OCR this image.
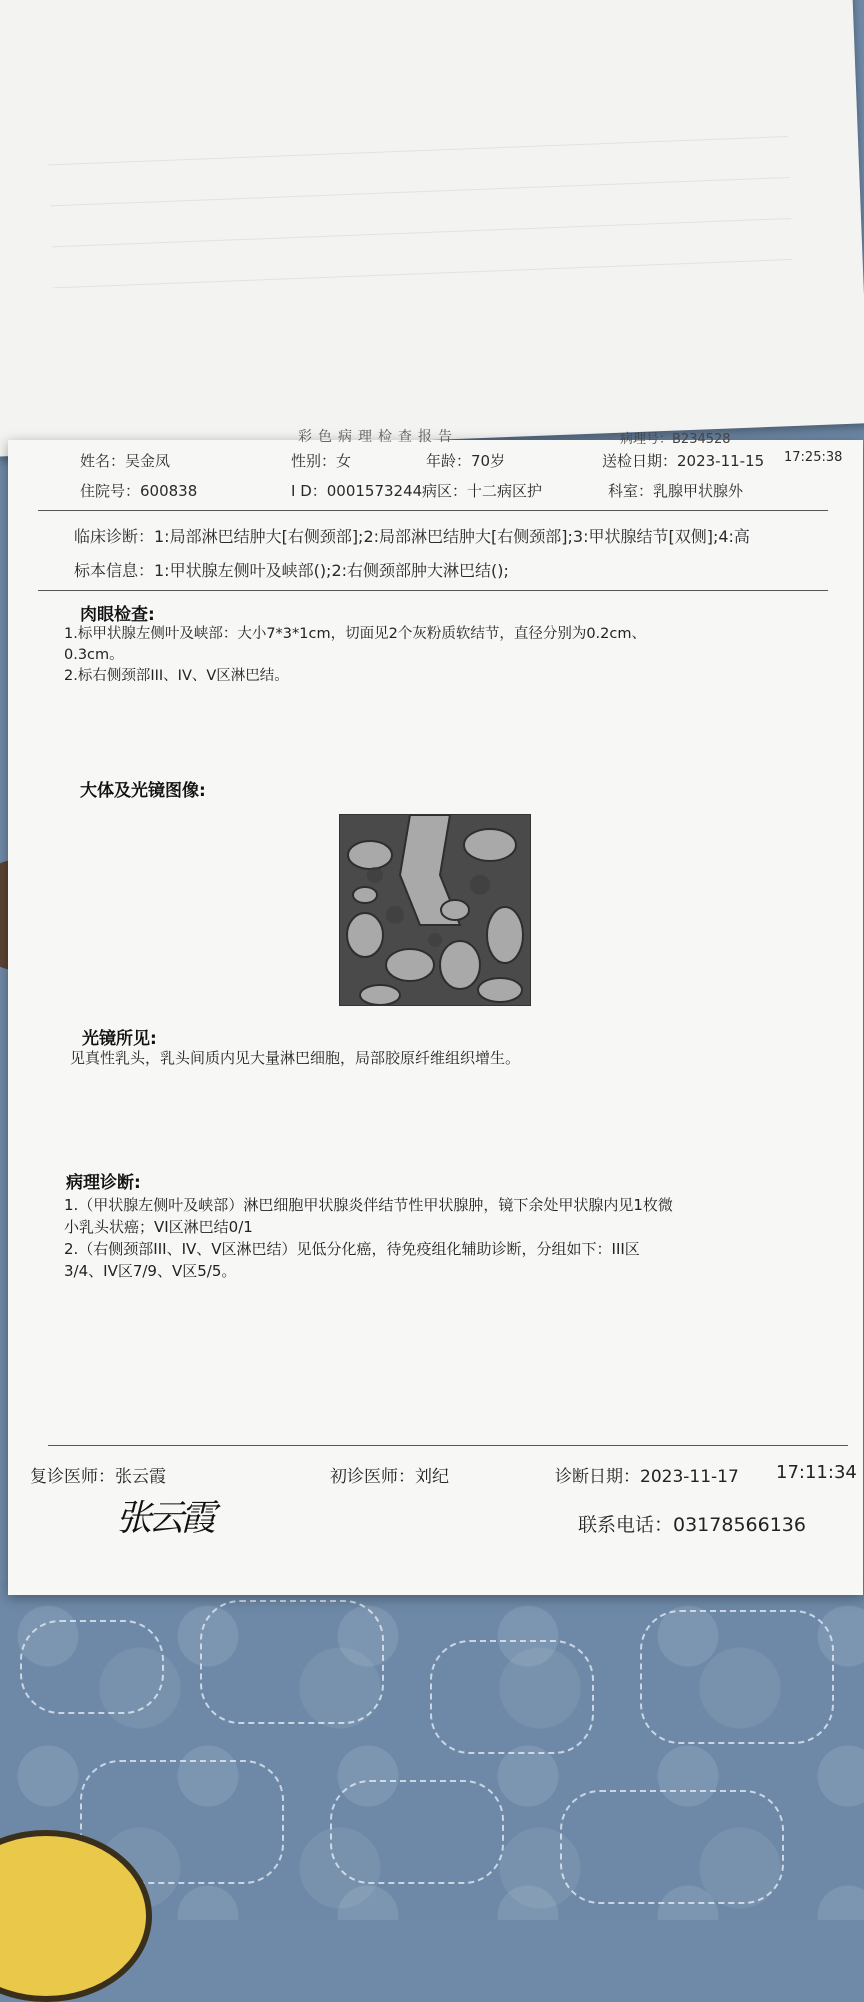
彩色病理检查报告	病理号：B234528
姓名：吴金凤	性别：女	年龄：70岁	送检日期：2023-11-15 17:25:38
住院号：600838	I D：0001573244 病区：十二病区护	科室：乳腺甲状腺外
临床诊断：1:局部淋巴结肿大[右侧颈部];2:局部淋巴结肿大[右侧颈部];3:甲状腺结节[双侧];4:高
标本信息：1:甲状腺左侧叶及峡部();2:右侧颈部肿大淋巴结();
肉眼检查:
1.标甲状腺左侧叶及峡部：大小7*3*1cm，切面见2个灰粉质软结节，直径分别为0.2cm、
0.3cm。
2.标右侧颈部III、IV、V区淋巴结。
大体及光镜图像:
光镜所见:
见真性乳头，乳头间质内见大量淋巴细胞，局部胶原纤维组织增生。
病理诊断:
1.（甲状腺左侧叶及峡部）淋巴细胞甲状腺炎伴结节性甲状腺肿，镜下余处甲状腺内见1枚微
小乳头状癌；VI区淋巴结0/1
2.（右侧颈部III、IV、V区淋巴结）见低分化癌，待免疫组化辅助诊断，分组如下：III区
3/4、IV区7/9、V区5/5。
复诊医师：张云霞	初诊医师：刘纪	诊断日期：2023-11-17 17:11:34
张云霞	联系电话：03178566136
